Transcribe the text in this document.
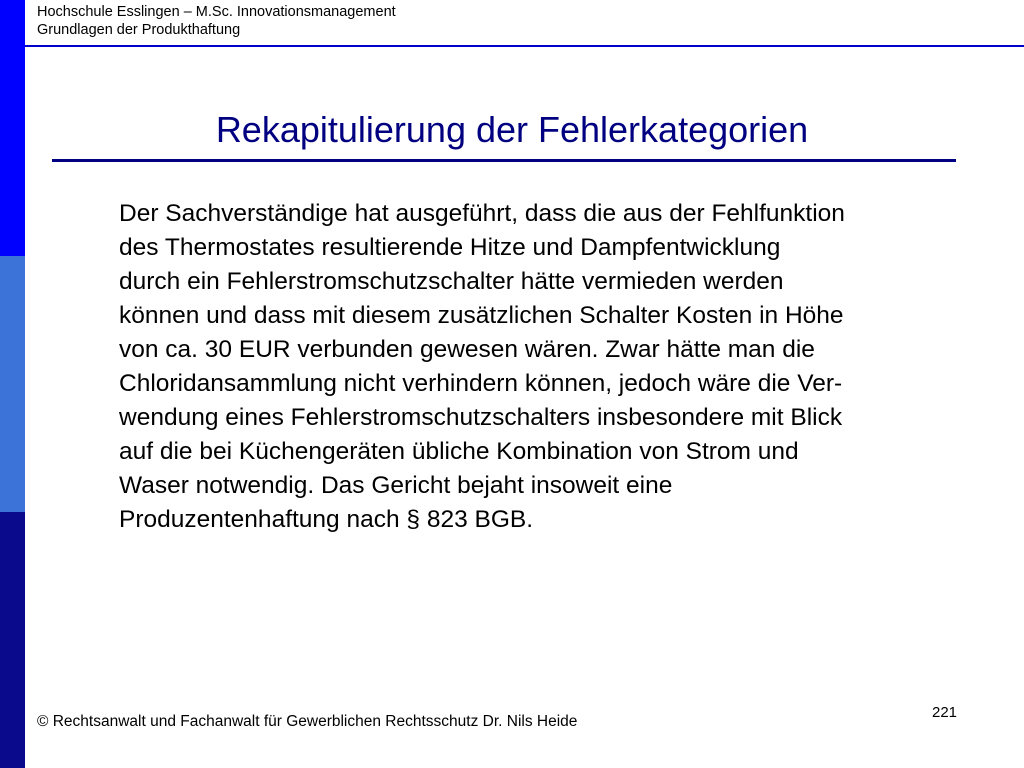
Hochschule Esslingen – M.Sc. Innovationsmanagement
Grundlagen der Produkthaftung
Rekapitulierung der Fehlerkategorien
Der Sachverständige hat ausgeführt, dass die aus der Fehlfunktion
des Thermostates resultierende Hitze und Dampfentwicklung
durch ein Fehlerstromschutzschalter hätte vermieden werden
können und dass mit diesem zusätzlichen Schalter Kosten in Höhe
von ca. 30 EUR verbunden gewesen wären. Zwar hätte man die
Chloridansammlung nicht verhindern können, jedoch wäre die Ver-
wendung eines Fehlerstromschutzschalters insbesondere mit Blick
auf die bei Küchengeräten übliche Kombination von Strom und
Waser notwendig. Das Gericht bejaht insoweit eine
Produzentenhaftung nach § 823 BGB.
221
© Rechtsanwalt und Fachanwalt für Gewerblichen Rechtsschutz Dr. Nils Heide
